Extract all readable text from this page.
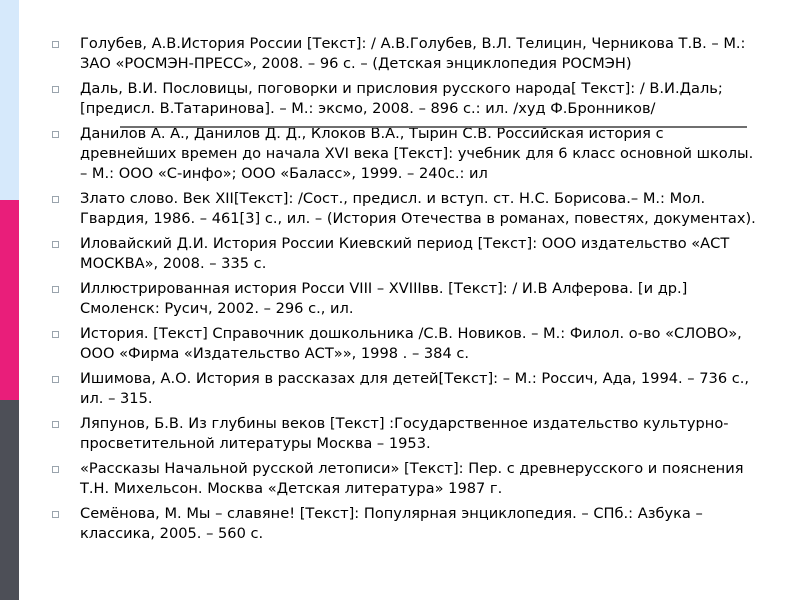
Голубев, А.В.История России [Текст]: / А.В.Голубев, В.Л. Телицин, Черникова Т.В. – М.: ЗАО «РОСМЭН-ПРЕСС», 2008. – 96 с. – (Детская энциклопедия РОСМЭН)
Даль, В.И. Пословицы, поговорки и присловия русского народа[ Текст]: / В.И.Даль; [предисл. В.Татаринова]. – М.: эксмо, 2008. – 896 с.: ил. /худ Ф.Бронников/
Данилов А. А., Данилов Д. Д., Клоков В.А., Тырин С.В. Российская история с древнейших времен до начала XVI века [Текст]: учебник для 6 класс основной школы. – М.: ООО «С-инфо»; ООО «Баласс», 1999. – 240с.: ил
Злато слово. Век XII[Текст]: /Сост., предисл. и вступ. ст. Н.С. Борисова.– М.: Мол. Гвардия, 1986. – 461[3] с., ил. – (История Отечества в романах, повестях, документах).
Иловайский Д.И. История России Киевский период [Текст]: ООО издательство «АСТ МОСКВА», 2008. – 335 с.
Иллюстрированная история Росси VIII – XVIIIвв. [Текст]: / И.В Алферова. [и др.] Смоленск: Русич, 2002. – 296 с., ил.
История. [Текст] Справочник дошкольника /С.В. Новиков. – М.: Филол. о-во «СЛОВО», ООО «Фирма «Издательство АСТ»», 1998 . – 384 с.
Ишимова, А.О. История в рассказах для детей[Текст]: – М.: Россич, Ада, 1994. – 736 с., ил. – 315.
Ляпунов, Б.В. Из глубины веков [Текст] :Государственное издательство культурно-просветительной литературы Москва – 1953.
«Рассказы Начальной русской летописи» [Текст]: Пер. с древнерусского и пояснения Т.Н. Михельсон. Москва «Детская литература» 1987 г.
Семёнова, М. Мы – славяне! [Текст]: Популярная энциклопедия. – СПб.: Азбука – классика, 2005. – 560 с.
